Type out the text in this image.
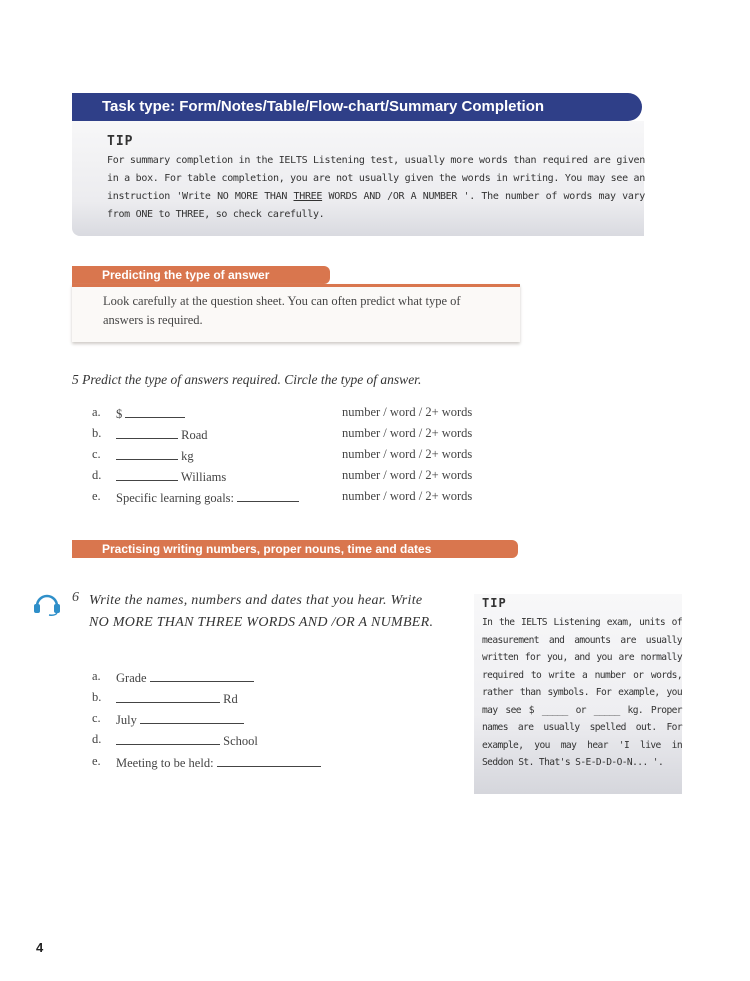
Task type: Form/Notes/Table/Flow-chart/Summary Completion
TIP
For summary completion in the IELTS Listening test, usually more words than required are given in a box. For table completion, you are not usually given the words in writing. You may see an instruction 'Write NO MORE THAN THREE WORDS AND /OR A NUMBER '. The number of words may vary from ONE to THREE, so check carefully.
Predicting the type of answer
Look carefully at the question sheet. You can often predict what type of answers is required.
5 Predict the type of answers required. Circle the type of answer.
a. $	number / word / 2+ words
b.	Road	number / word / 2+ words
c.	kg	number / word / 2+ words
d.	Williams	number / word / 2+ words
e. Specific learning goals:	number / word / 2+ words
Practising writing numbers, proper nouns, time and dates
6 Write the names, numbers and dates that you hear. Write NO MORE THAN THREE WORDS AND /OR A NUMBER.
a. Grade
b.	Rd
c. July
d.	School
e. Meeting to be held:
TIP
In the IELTS Listening exam, units of measurement and amounts are usually written for you, and you are normally required to write a number or words, rather than symbols. For example, you may see $ _____ or _____ kg. Proper names are usually spelled out. For example, you may hear 'I live in Seddon St. That's S-E-D-D-O-N... '.
4
